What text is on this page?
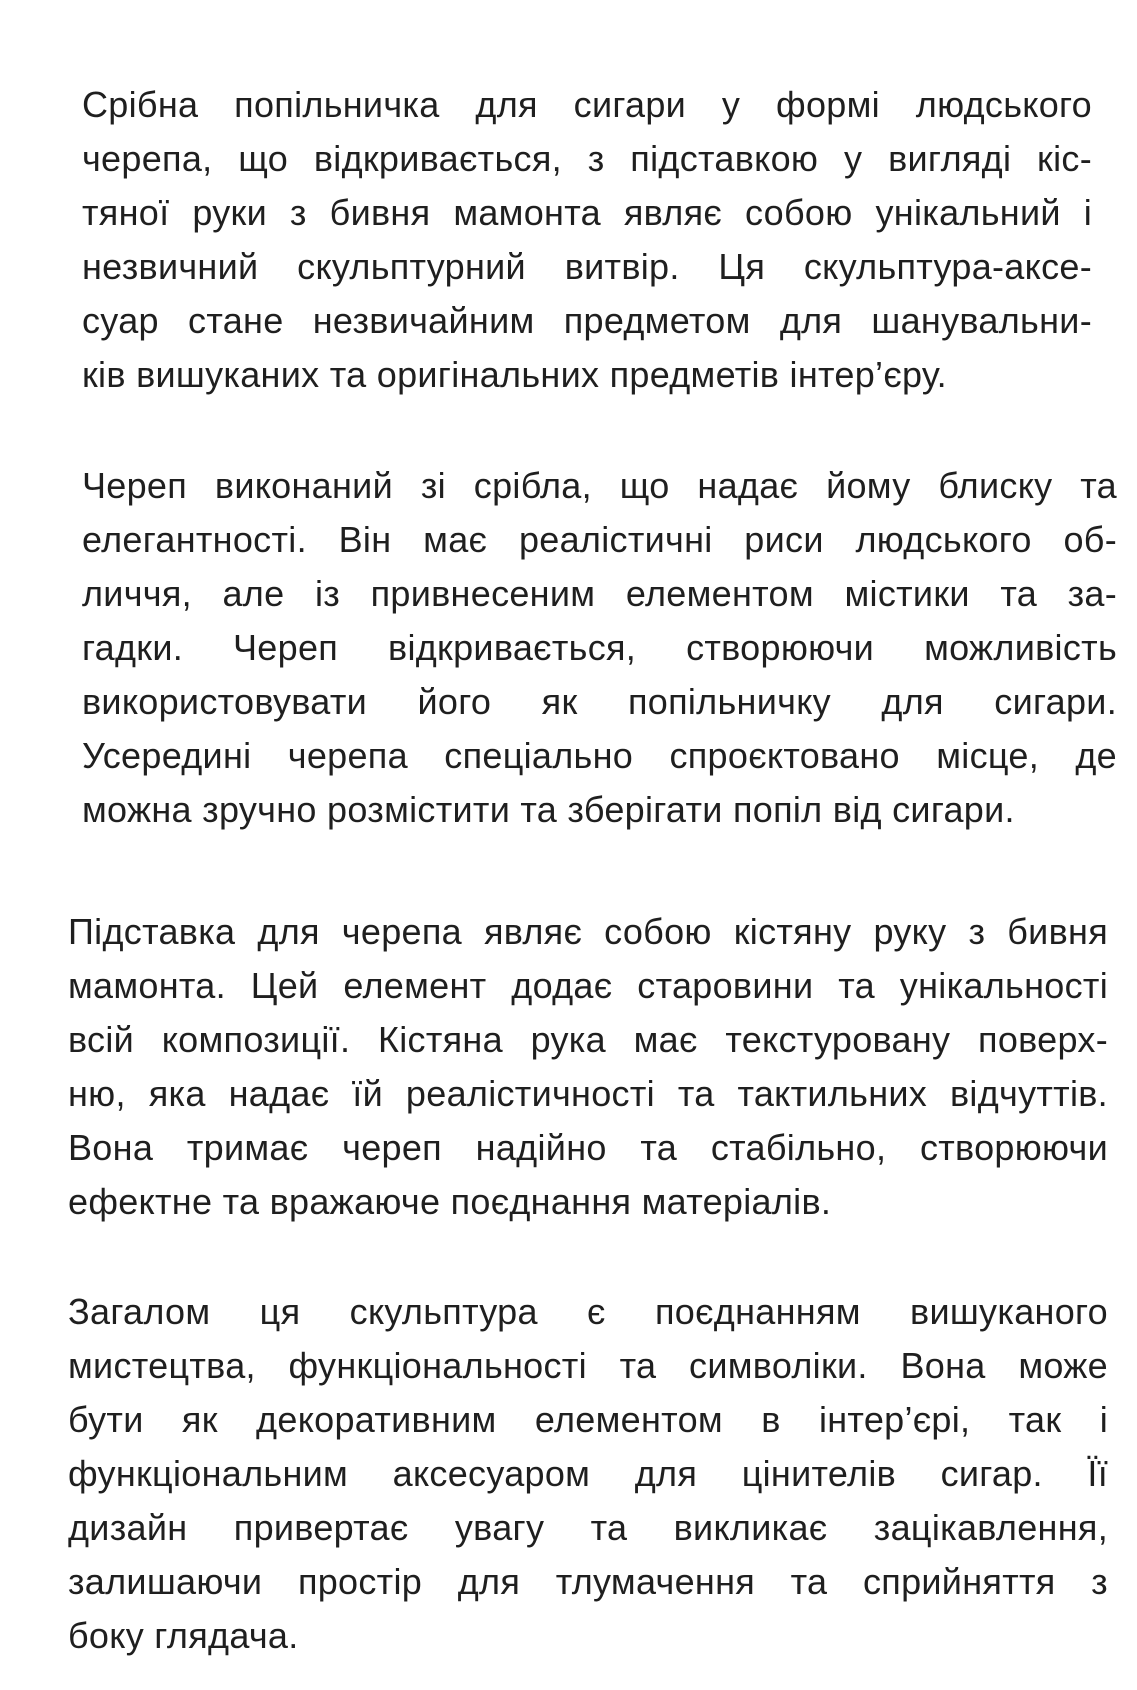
Срібна попільничка для сигари у формі людського
черепа, що відкривається, з підставкою у вигляді кіс-
тяної руки з бивня мамонта являє собою унікальний і
незвичний скульптурний витвір. Ця скульптура-аксе-
суар стане незвичайним предметом для шанувальни-
ків вишуканих та оригінальних предметів інтер’єру.

Череп виконаний зі срібла, що надає йому блиску та
елегантності. Він має реалістичні риси людського об-
личчя, але із привнесеним елементом містики та за-
гадки. Череп відкривається, створюючи можливість
використовувати його як попільничку для сигари.
Усередині черепа спеціально спроєктовано місце, де
можна зручно розмістити та зберігати попіл від сигари.

Підставка для черепа являє собою кістяну руку з бивня
мамонта. Цей елемент додає старовини та унікальності
всій композиції. Кістяна рука має текстуровану поверх-
ню, яка надає їй реалістичності та тактильних відчуттів.
Вона тримає череп надійно та стабільно, створюючи
ефектне та вражаюче поєднання матеріалів.

Загалом ця скульптура є поєднанням вишуканого
мистецтва, функціональності та символіки. Вона може
бути як декоративним елементом в інтер’єрі, так і
функціональним аксесуаром для цінителів сигар. Її
дизайн привертає увагу та викликає зацікавлення,
залишаючи простір для тлумачення та сприйняття з
боку глядача.
